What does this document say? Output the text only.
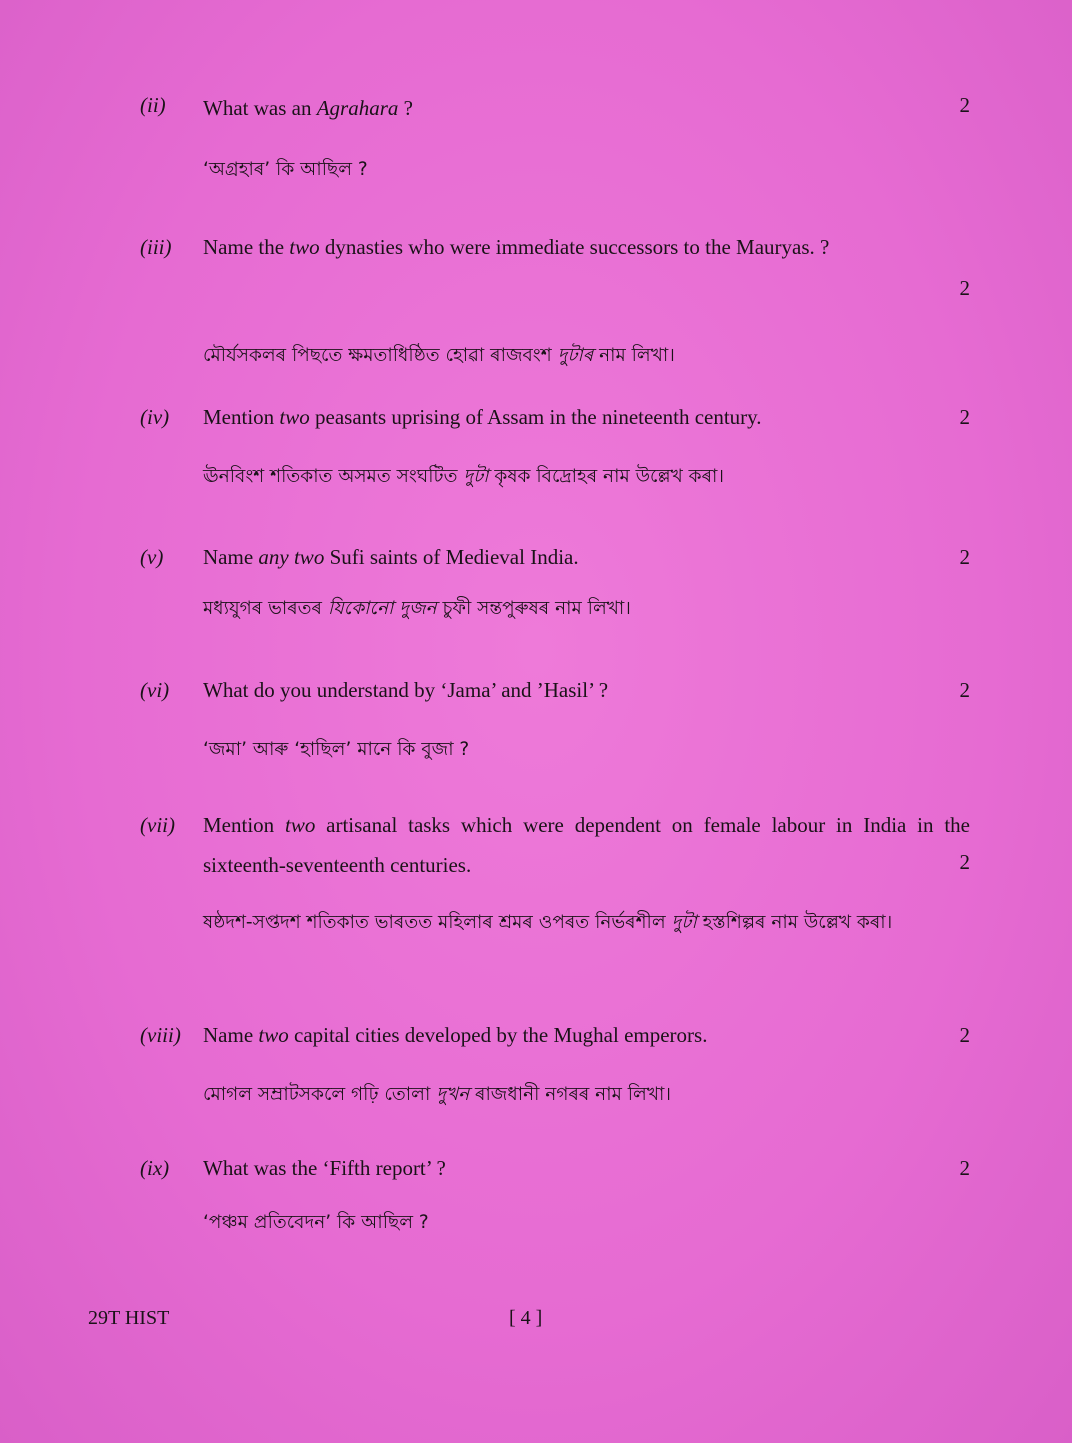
(ii) What was an Agrahara ?	2
‘অগ্ৰহাৰ’ কি আছিল ?
(iii) Name the two dynasties who were immediate successors to the Mauryas. ?
2
মৌৰ্যসকলৰ পিছতে ক্ষমতাধিষ্ঠিত হোৱা ৰাজবংশ দুটাৰ নাম লিখা।
(iv) Mention two peasants uprising of Assam in the nineteenth century.	2
ঊনবিংশ শতিকাত অসমত সংঘটিত দুটা কৃষক বিদ্ৰোহৰ নাম উল্লেখ কৰা।
(v) Name any two Sufi saints of Medieval India.	2
মধ্যযুগৰ ভাৰতৰ যিকোনো দুজন চুফী সন্তপুৰুষৰ নাম লিখা।
(vi) What do you understand by ‘Jama’ and ’Hasil’ ?	2
‘জমা’ আৰু ‘হাছিল’ মানে কি বুজা ?
(vii) Mention two artisanal tasks which were dependent on female labour in India in the sixteenth-seventeenth centuries.	2
ষষ্ঠদশ-সপ্তদশ শতিকাত ভাৰতত মহিলাৰ শ্ৰমৰ ওপৰত নিৰ্ভৰশীল দুটা হস্তশিল্পৰ নাম উল্লেখ কৰা।
(viii) Name two capital cities developed by the Mughal emperors.	2
মোগল সম্ৰাটসকলে গঢ়ি তোলা দুখন ৰাজধানী নগৰৰ নাম লিখা।
(ix) What was the ‘Fifth report’ ?	2
‘পঞ্চম প্ৰতিবেদন’ কি আছিল ?
29T HIST	[ 4 ]
